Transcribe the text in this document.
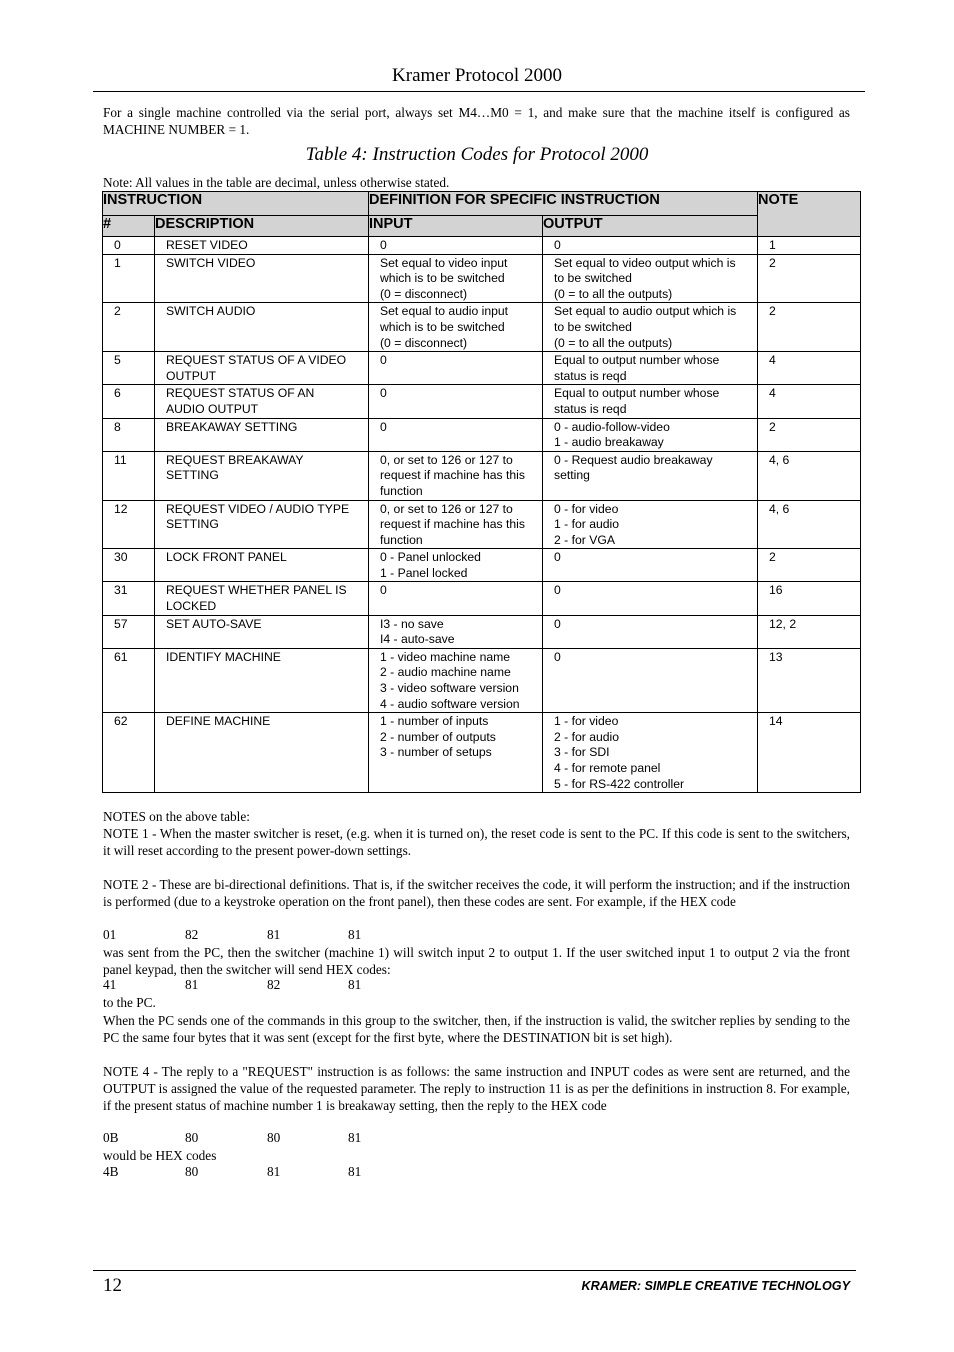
Kramer Protocol 2000
For a single machine controlled via the serial port, always set M4…M0 = 1, and make sure that the machine itself is configured as MACHINE NUMBER = 1.
Table 4: Instruction Codes for Protocol 2000
Note: All values in the table are decimal, unless otherwise stated.
INSTRUCTION		DEFINITION FOR SPECIFIC INSTRUCTION		NOTE
#	DESCRIPTION	INPUT	OUTPUT	
0	RESET VIDEO	0	0	1
1	SWITCH VIDEO	Set equal to video input
which is to be switched
(0 = disconnect)	Set equal to video output which is
to be switched
(0 = to all the outputs)	2
2	SWITCH AUDIO	Set equal to audio input
which is to be switched
(0 = disconnect)	Set equal to audio output which is
to be switched
(0 = to all the outputs)	2
5	REQUEST STATUS OF A VIDEO
OUTPUT	0	Equal to output number whose
status is reqd	4
6	REQUEST STATUS OF AN
AUDIO OUTPUT	0	Equal to output number whose
status is reqd	4
8	BREAKAWAY SETTING	0	0 - audio-follow-video
1 - audio breakaway	2
11	REQUEST BREAKAWAY
SETTING	0, or set to 126 or 127 to
request if machine has this
function	0 - Request audio breakaway
setting	4, 6
12	REQUEST VIDEO / AUDIO TYPE
SETTING	0, or set to 126 or 127 to
request if machine has this
function	0 - for video
1 - for audio
2 - for VGA	4, 6
30	LOCK FRONT PANEL	0 - Panel unlocked
1 - Panel locked	0	2
31	REQUEST WHETHER PANEL IS
LOCKED	0	0	16
57	SET AUTO-SAVE	I3 - no save
I4 - auto-save	0	12, 2
61	IDENTIFY MACHINE	1 - video machine name
2 - audio machine name
3 - video software version
4 - audio software version	0	13
62	DEFINE MACHINE	1 - number of inputs
2 - number of outputs
3 - number of setups	1 - for video
2 - for audio
3 - for SDI
4 - for remote panel
5 - for RS-422 controller	14
NOTES on the above table:
NOTE 1 - When the master switcher is reset, (e.g. when it is turned on), the reset code is sent to the PC. If this code is sent to the switchers, it will reset according to the present power-down settings.
NOTE 2 - These are bi-directional definitions. That is, if the switcher receives the code, it will perform the instruction; and if the instruction is performed (due to a keystroke operation on the front panel), then these codes are sent. For example, if the HEX code
01	82	81	81
was sent from the PC, then the switcher (machine 1) will switch input 2 to output 1. If the user switched input 1 to output 2 via the front panel keypad, then the switcher will send HEX codes:
41	81	82	81
to the PC.
When the PC sends one of the commands in this group to the switcher, then, if the instruction is valid, the switcher replies by sending to the PC the same four bytes that it was sent (except for the first byte, where the DESTINATION bit is set high).
NOTE 4 - The reply to a "REQUEST" instruction is as follows: the same instruction and INPUT codes as were sent are returned, and the OUTPUT is assigned the value of the requested parameter. The reply to instruction 11 is as per the definitions in instruction 8. For example, if the present status of machine number 1 is breakaway setting, then the reply to the HEX code
0B	80	80	81
would be HEX codes
4B	80	81	81
12	KRAMER: SIMPLE CREATIVE TECHNOLOGY
